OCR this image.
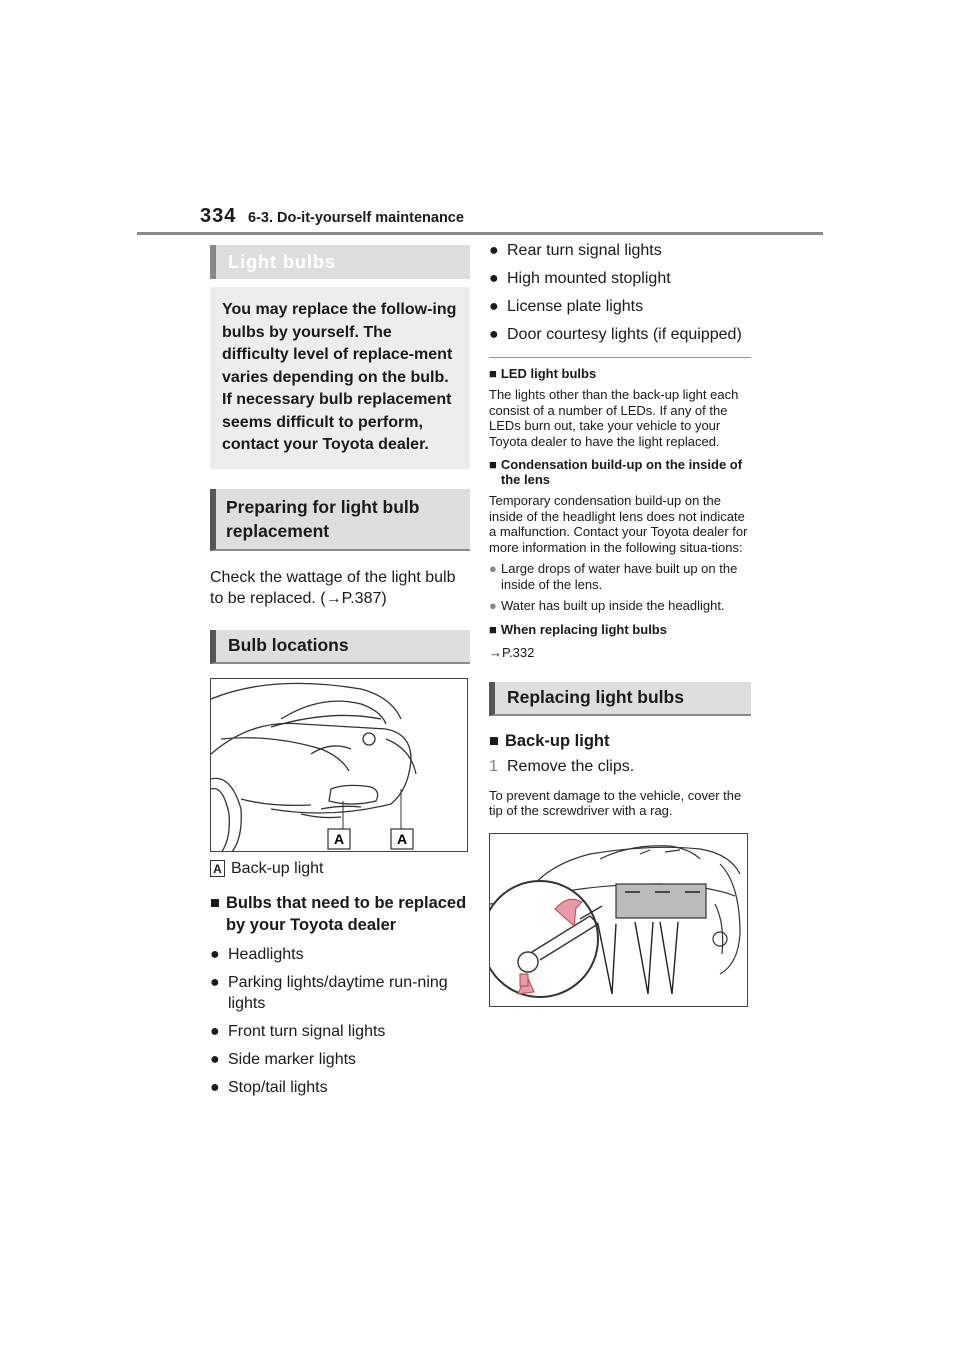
334 6-3. Do-it-yourself maintenance
Light bulbs
You may replace the follow-ing bulbs by yourself. The difficulty level of replace-ment varies depending on the bulb. If necessary bulb replacement seems difficult to perform, contact your Toyota dealer.
Preparing for light bulb replacement
Check the wattage of the light bulb to be replaced. (→P.387)
Bulb locations
A	A
A Back-up light
■ Bulbs that need to be replaced by your Toyota dealer
● Headlights
● Parking lights/daytime run-ning lights
● Front turn signal lights
● Side marker lights
● Stop/tail lights
● Rear turn signal lights
● High mounted stoplight
● License plate lights
● Door courtesy lights (if equipped)
■ LED light bulbs
The lights other than the back-up light each consist of a number of LEDs. If any of the LEDs burn out, take your vehicle to your Toyota dealer to have the light replaced.
■ Condensation build-up on the inside of the lens
Temporary condensation build-up on the inside of the headlight lens does not indicate a malfunction. Contact your Toyota dealer for more information in the following situa-tions:
● Large drops of water have built up on the inside of the lens.
● Water has built up inside the headlight.
■ When replacing light bulbs
→P.332
Replacing light bulbs
■ Back-up light
1 Remove the clips.
To prevent damage to the vehicle, cover the tip of the screwdriver with a rag.
